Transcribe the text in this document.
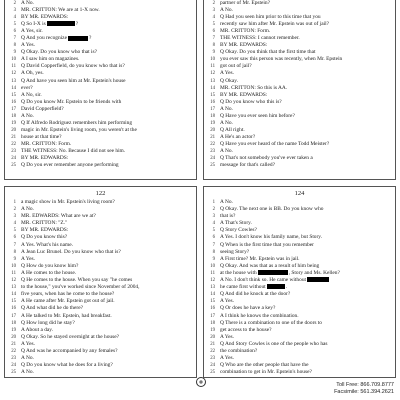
2 A No.
3 MR. CRITTON: We are at 1-X now.
4 BY MR. EDWARDS:
5 Q So I-X is	?
6 A Yes, sir.
7 Q And you recognize	?
8 A Yes.
9 Q Okay. Do you know who that is?
10 A I saw him on magazines.
11 Q David Copperfield, do you know who that is?
12 A Oh, yes.
13 Q And have you seen him at Mr. Epstein's house
14 ever?
15 A No, sir.
16 Q Do you know Mr. Epstein to be friends with
17 David Copperfield?
18 A No.
19 Q If Alfredo Rodriguez remembers him performing
20 magic in Mr. Epstein's living room, you weren't at the
21 house at that time?
22 MR. CRITTON: Form.
23 THE WITNESS: No. Because I did not see him.
24 BY MR. EDWARDS:
25 Q Do you ever remember anyone performing
2 partner of Mr. Epstein?
3 A No.
4 Q Had you seen him prior to this time that you
5 recently saw him after Mr. Epstein was out of jail?
6 MR. CRITTON: Form.
7 THE WITNESS: I cannot remember.
8 BY MR. EDWARDS:
9 Q Okay. Do you think that the first time that
10 you ever saw this person was recently, when Mr. Epstein
11 got out of jail?
12 A Yes.
13 Q Okay.
14 MR. CRITTON: So this is AA.
15 BY MR. EDWARDS:
16 Q Do you know who this is?
17 A No.
18 Q Have you ever seen him before?
19 A No.
20 Q All right.
21 A He's an actor?
22 Q Have you ever heard of the name Todd Meister?
23 A No.
24 Q That's not somebody you've ever taken a
25 message for that's called?
122
1 a magic show in Mr. Epstein's living room?
2 A No.
3 MR. EDWARDS: What are we at?
4 MR. CRITTON: "Z."
5 BY MR. EDWARDS:
6 Q Do you know this?
7 A Yes. What's his name.
8 A Jean Luc Brunel. Do you know who that is?
9 A Yes.
10 Q How do you know him?
11 A He comes to the house.
12 Q He comes to the house. When you say "he comes
13 to the house," you've worked since November of 2004,
14 five years, when has he come to the house?
15 A He came after Mr. Epstein got out of jail.
16 Q And what did he do there?
17 A He talked to Mr. Epstein, had breakfast.
18 Q How long did he stay?
19 A About a day.
20 Q Okay. So he stayed overnight at the house?
21 A Yes.
22 Q And was he accompanied by any females?
23 A No.
24 Q Do you know what he does for a living?
25 A No.
124
1 A No.
2 Q Okay. The next one is BB. Do you know who
3 that is?
4 A That's Story.
5 Q Story Cowles?
6 A Yes. I don't know his family name, but Story.
7 Q When is the first time that you remember
8 seeing Story?
9 A First time? Mr. Epstein was in jail.
10 Q Okay. And was that as a result of him being
11 at the house with	, Story and Ms. Kellen?
12 A No. I don't think so. He came without
13 he came first without	.
14 Q And did he knock at the door?
15 A Yes.
16 Q Or does he have a key?
17 A I think he knows the combination.
18 Q There is a combination to one of the doors to
19 get access to the house?
20 A Yes.
21 Q And Story Cowles is one of the people who has
22 the combination?
23 A Yes.
24 Q Who are the other people that have the
25 combination to get in Mr. Epstein's house?
Toll Free: 866.709.8777
Facsimile: 561.394.2621
